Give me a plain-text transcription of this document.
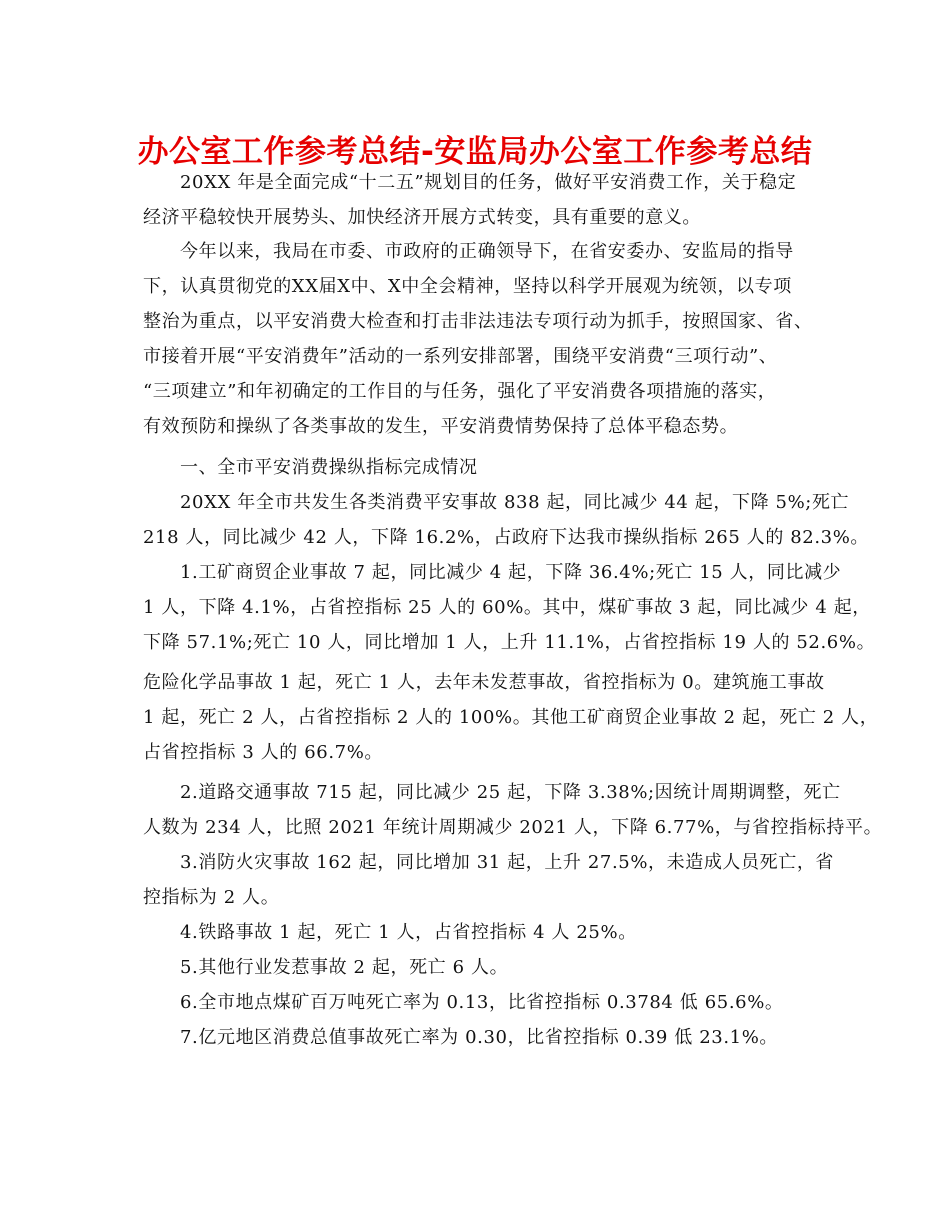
办公室工作参考总结-安监局办公室工作参考总结
20XX 年是全面完成“十二五”规划目的任务，做好平安消费工作，关于稳定
经济平稳较快开展势头、加快经济开展方式转变，具有重要的意义。
今年以来，我局在市委、市政府的正确领导下，在省安委办、安监局的指导
下，认真贯彻党的XX届X中、X中全会精神，坚持以科学开展观为统领，以专项
整治为重点，以平安消费大检查和打击非法违法专项行动为抓手，按照国家、省、
市接着开展“平安消费年”活动的一系列安排部署，围绕平安消费“三项行动”、
“三项建立”和年初确定的工作目的与任务，强化了平安消费各项措施的落实，
有效预防和操纵了各类事故的发生，平安消费情势保持了总体平稳态势。
一、全市平安消费操纵指标完成情况
20XX 年全市共发生各类消费平安事故 838 起，同比减少 44 起，下降 5%;死亡
218 人，同比减少 42 人，下降 16.2%，占政府下达我市操纵指标 265 人的 82.3%。
1.工矿商贸企业事故 7 起，同比减少 4 起，下降 36.4%;死亡 15 人，同比减少
1 人，下降 4.1%，占省控指标 25 人的 60%。其中，煤矿事故 3 起，同比减少 4 起，
下降 57.1%;死亡 10 人，同比增加 1 人，上升 11.1%，占省控指标 19 人的 52.6%。
危险化学品事故 1 起，死亡 1 人，去年未发惹事故，省控指标为 0。建筑施工事故
1 起，死亡 2 人，占省控指标 2 人的 100%。其他工矿商贸企业事故 2 起，死亡 2 人，
占省控指标 3 人的 66.7%。
2.道路交通事故 715 起，同比减少 25 起，下降 3.38%;因统计周期调整，死亡
人数为 234 人，比照 2021 年统计周期减少 2021 人，下降 6.77%，与省控指标持平。
3.消防火灾事故 162 起，同比增加 31 起，上升 27.5%，未造成人员死亡，省
控指标为 2 人。
4.铁路事故 1 起，死亡 1 人，占省控指标 4 人 25%。
5.其他行业发惹事故 2 起，死亡 6 人。
6.全市地点煤矿百万吨死亡率为 0.13，比省控指标 0.3784 低 65.6%。
7.亿元地区消费总值事故死亡率为 0.30，比省控指标 0.39 低 23.1%。
